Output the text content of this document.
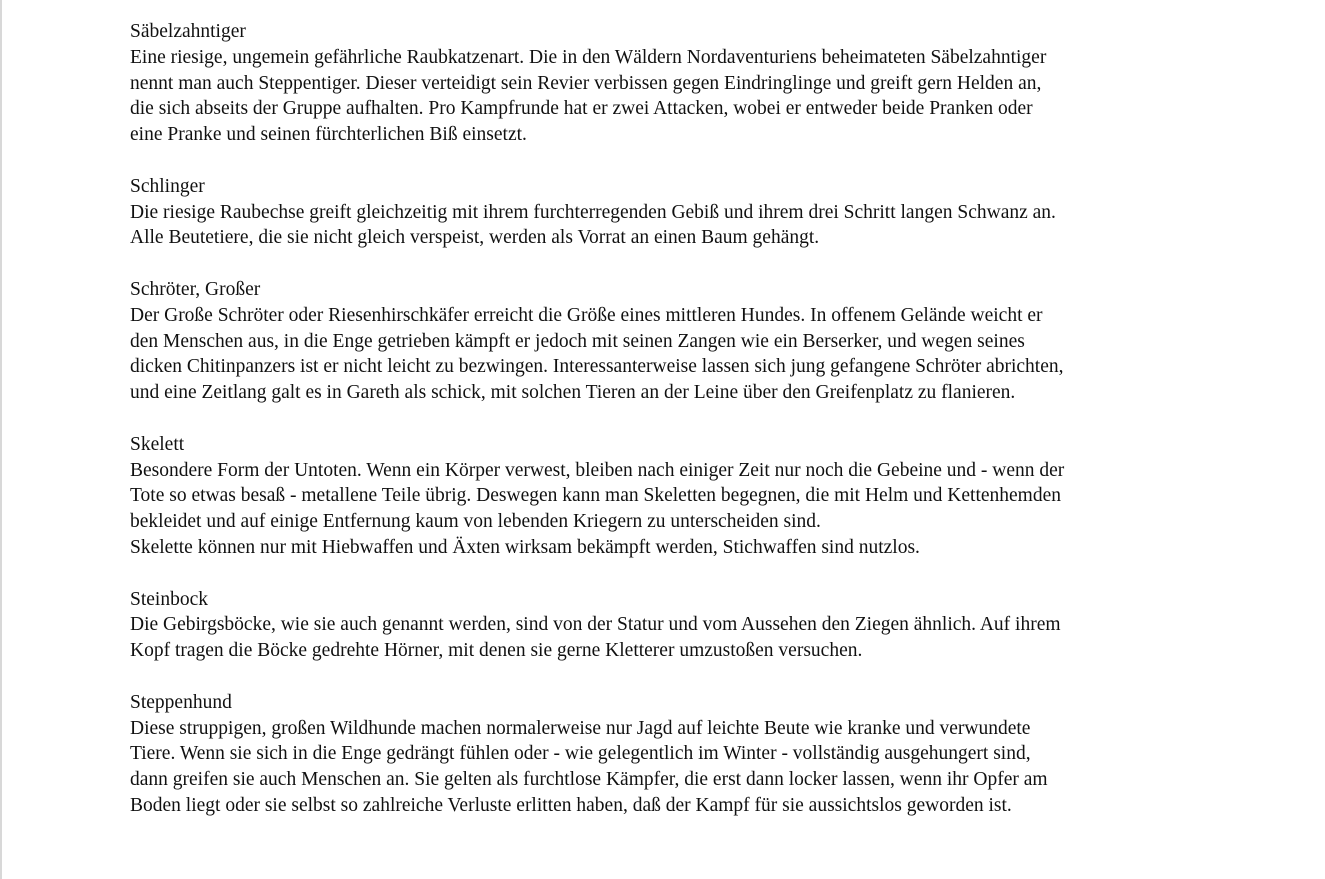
Säbelzahntiger
Eine riesige, ungemein gefährliche Raubkatzenart. Die in den Wäldern Nordaventuriens beheimateten Säbelzahntiger
nennt man auch Steppentiger. Dieser verteidigt sein Revier verbissen gegen Eindringlinge und greift gern Helden an,
die sich abseits der Gruppe aufhalten. Pro Kampfrunde hat er zwei Attacken, wobei er entweder beide Pranken oder
eine Pranke und seinen fürchterlichen Biß einsetzt.
Schlinger
Die riesige Raubechse greift gleichzeitig mit ihrem furchterregenden Gebiß und ihrem drei Schritt langen Schwanz an.
Alle Beutetiere, die sie nicht gleich verspeist, werden als Vorrat an einen Baum gehängt.
Schröter, Großer
Der Große Schröter oder Riesenhirschkäfer erreicht die Größe eines mittleren Hundes. In offenem Gelände weicht er
den Menschen aus, in die Enge getrieben kämpft er jedoch mit seinen Zangen wie ein Berserker, und wegen seines
dicken Chitinpanzers ist er nicht leicht zu bezwingen. Interessanterweise lassen sich jung gefangene Schröter abrichten,
und eine Zeitlang galt es in Gareth als schick, mit solchen Tieren an der Leine über den Greifenplatz zu flanieren.
Skelett
Besondere Form der Untoten. Wenn ein Körper verwest, bleiben nach einiger Zeit nur noch die Gebeine und - wenn der
Tote so etwas besaß - metallene Teile übrig. Deswegen kann man Skeletten begegnen, die mit Helm und Kettenhemden
bekleidet und auf einige Entfernung kaum von lebenden Kriegern zu unterscheiden sind.
Skelette können nur mit Hiebwaffen und Äxten wirksam bekämpft werden, Stichwaffen sind nutzlos.
Steinbock
Die Gebirgsböcke, wie sie auch genannt werden, sind von der Statur und vom Aussehen den Ziegen ähnlich. Auf ihrem
Kopf tragen die Böcke gedrehte Hörner, mit denen sie gerne Kletterer umzustoßen versuchen.
Steppenhund
Diese struppigen, großen Wildhunde machen normalerweise nur Jagd auf leichte Beute wie kranke und verwundete
Tiere. Wenn sie sich in die Enge gedrängt fühlen oder - wie gelegentlich im Winter - vollständig ausgehungert sind,
dann greifen sie auch Menschen an. Sie gelten als furchtlose Kämpfer, die erst dann locker lassen, wenn ihr Opfer am
Boden liegt oder sie selbst so zahlreiche Verluste erlitten haben, daß der Kampf für sie aussichtslos geworden ist.
